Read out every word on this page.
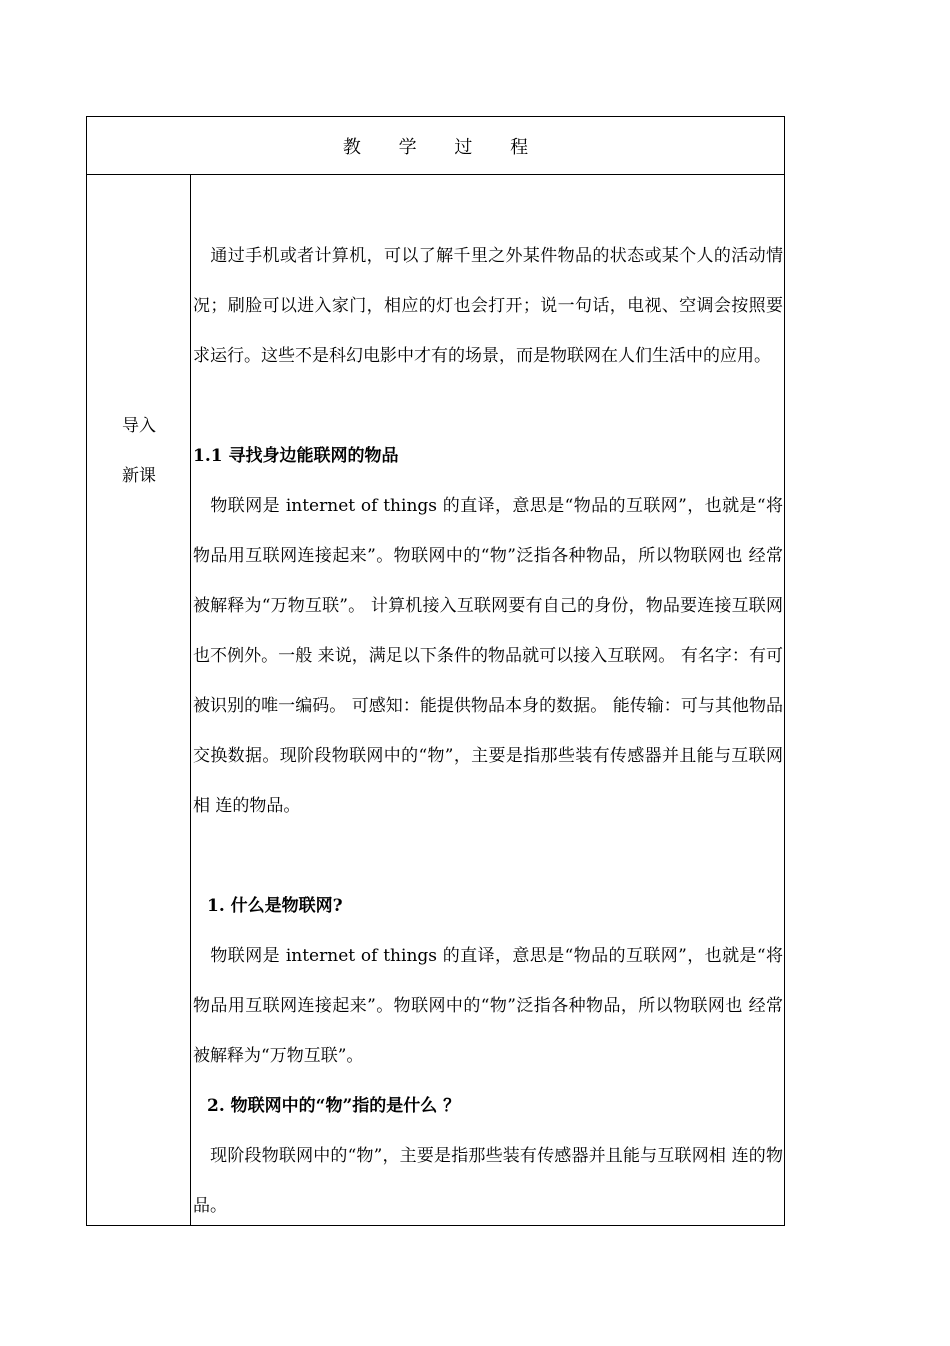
教 学 过 程
导入
新课

　通过手机或者计算机，可以了解千里之外某件物品的状态或某个人的活动情况；刷脸可以进入家门，相应的灯也会打开；说一句话，电视、空调会按照要求运行。这些不是科幻电影中才有的场景，而是物联网在人们生活中的应用。

1.1 寻找身边能联网的物品

　物联网是 internet of things 的直译，意思是“物品的互联网”，也就是“将 物品用互联网连接起来”。物联网中的“物”泛指各种物品，所以物联网也 经常被解释为“万物互联”。 计算机接入互联网要有自己的身份，物品要连接互联网也不例外。一般 来说，满足以下条件的物品就可以接入互联网。 有名字：有可被识别的唯一编码。 可感知：能提供物品本身的数据。 能传输：可与其他物品交换数据。现阶段物联网中的“物”，主要是指那些装有传感器并且能与互联网相 连的物品。

1. 什么是物联网?

　物联网是 internet of things 的直译，意思是“物品的互联网”，也就是“将 物品用互联网连接起来”。物联网中的“物”泛指各种物品，所以物联网也 经常被解释为“万物互联”。

2. 物联网中的“物”指的是什么 ？

　现阶段物联网中的“物”，主要是指那些装有传感器并且能与互联网相 连的物品。
